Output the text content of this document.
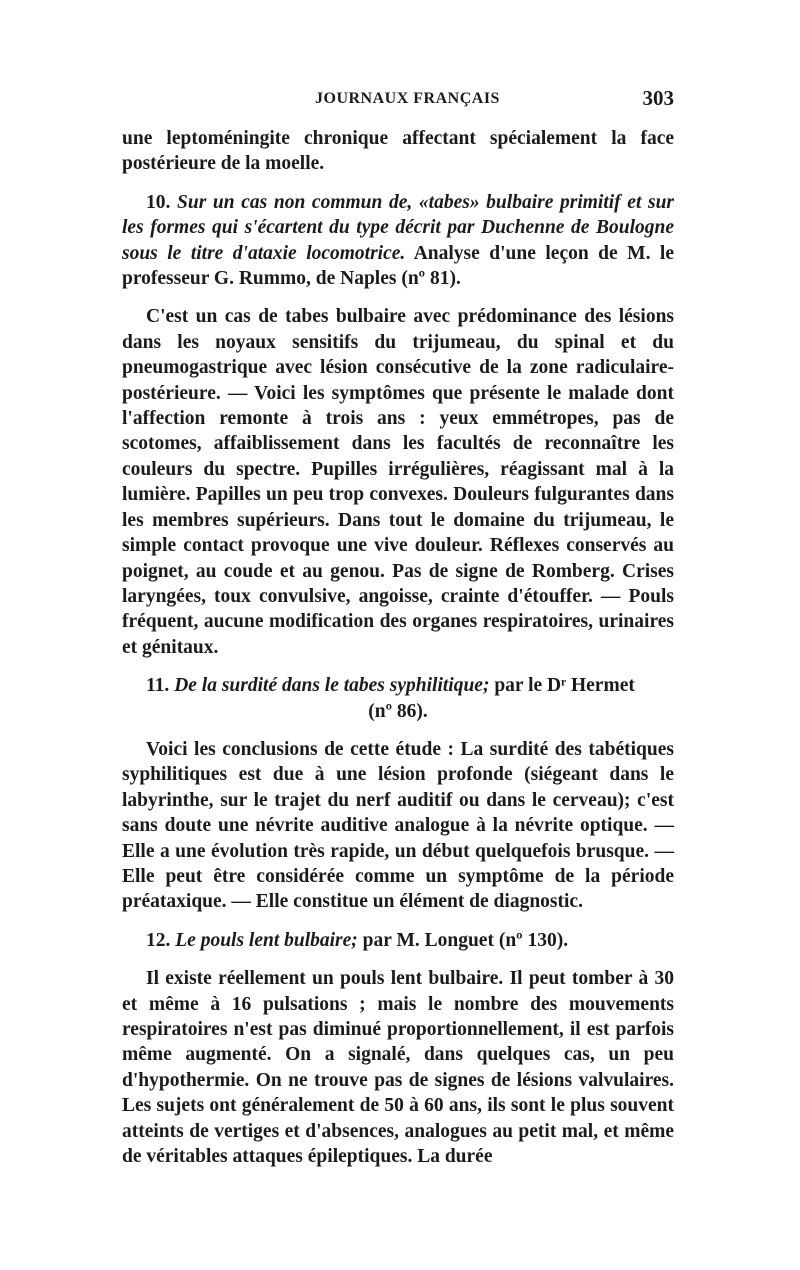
JOURNAUX FRANÇAIS	303

une leptoméningite chronique affectant spécialement la face postérieure de la moelle.

10. Sur un cas non commun de, «tabes» bulbaire primitif et sur les formes qui s'écartent du type décrit par Duchenne de Boulogne sous le titre d'ataxie locomotrice. Analyse d'une leçon de M. le professeur G. Rummo, de Naples (nº 81).

C'est un cas de tabes bulbaire avec prédominance des lésions dans les noyaux sensitifs du trijumeau, du spinal et du pneumogastrique avec lésion consécutive de la zone radiculaire-postérieure. — Voici les symptômes que présente le malade dont l'affection remonte à trois ans : yeux emmétropes, pas de scotomes, affaiblissement dans les facultés de reconnaître les couleurs du spectre. Pupilles irrégulières, réagissant mal à la lumière. Papilles un peu trop convexes. Douleurs fulgurantes dans les membres supérieurs. Dans tout le domaine du trijumeau, le simple contact provoque une vive douleur. Réflexes conservés au poignet, au coude et au genou. Pas de signe de Romberg. Crises laryngées, toux convulsive, angoisse, crainte d'étouffer. — Pouls fréquent, aucune modification des organes respiratoires, urinaires et génitaux.

11. De la surdité dans le tabes syphilitique; par le Dʳ Hermet

(nº 86).

Voici les conclusions de cette étude : La surdité des tabétiques syphilitiques est due à une lésion profonde (siégeant dans le labyrinthe, sur le trajet du nerf auditif ou dans le cerveau); c'est sans doute une névrite auditive analogue à la névrite optique. — Elle a une évolution très rapide, un début quelquefois brusque. — Elle peut être considérée comme un symptôme de la période préataxique. — Elle constitue un élément de diagnostic.

12. Le pouls lent bulbaire; par M. Longuet (nº 130).

Il existe réellement un pouls lent bulbaire. Il peut tomber à 30 et même à 16 pulsations ; mais le nombre des mouvements respiratoires n'est pas diminué proportionnellement, il est parfois même augmenté. On a signalé, dans quelques cas, un peu d'hypothermie. On ne trouve pas de signes de lésions valvulaires. Les sujets ont généralement de 50 à 60 ans, ils sont le plus souvent atteints de vertiges et d'absences, analogues au petit mal, et même de véritables attaques épileptiques. La durée
